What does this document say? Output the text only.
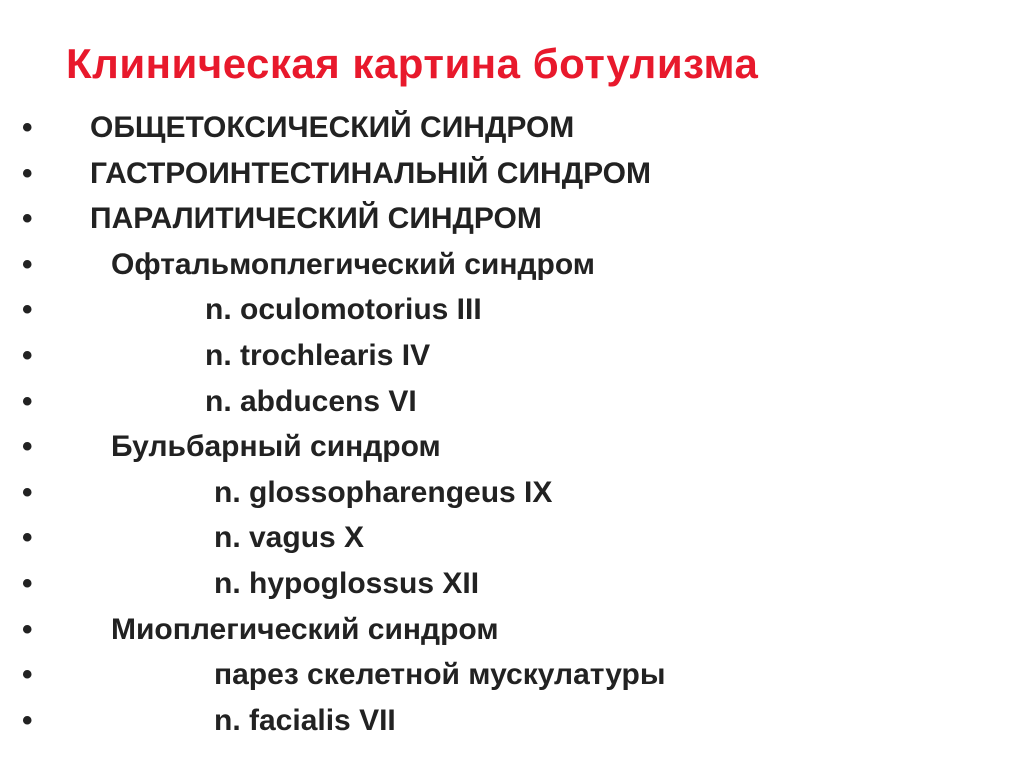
Клиническая картина ботулизма
• ОБЩЕТОКСИЧЕСКИЙ СИНДРОМ
• ГАСТРОИНТЕСТИНАЛЬНІЙ СИНДРОМ
• ПАРАЛИТИЧЕСКИЙ СИНДРОМ
•	Офтальмоплегический синдром
•	n. oculomotorius III
•	n. trochlearis IV
•	n. abducens VI
•	Бульбарный синдром
•	n. glossopharengeus IX
•	n. vagus X
•	n. hypoglossus XII
•	Миоплегический синдром
•	парез скелетной мускулатуры
•	n. facialis VII
